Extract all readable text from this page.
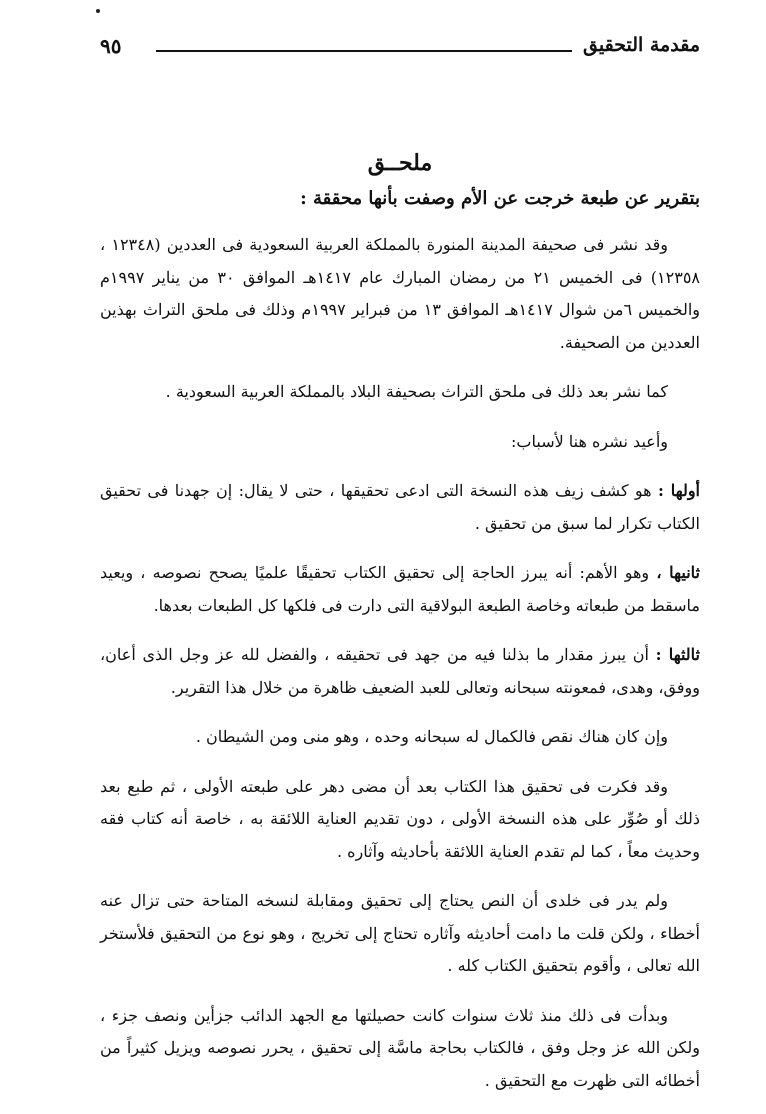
مقدمة التحقيق
٩٥
ملحــق
بتقرير عن طبعة خرجت عن الأم وصفت بأنها محققة :

وقد نشر فى صحيفة المدينة المنورة بالمملكة العربية السعودية فى العددين (١٢٣٤٨ ، ١٢٣٥٨) فى الخميس ٢١ من رمضان المبارك عام ١٤١٧هـ الموافق ٣٠ من يناير ١٩٩٧م والخميس ٦من شوال ١٤١٧هـ الموافق ١٣ من فبراير ١٩٩٧م وذلك فى ملحق التراث بهذين العددين من الصحيفة.

كما نشر بعد ذلك فى ملحق التراث بصحيفة البلاد بالمملكة العربية السعودية .

وأعيد نشره هنا لأسباب:

أولها : هو كشف زيف هذه النسخة التى ادعى تحقيقها ، حتى لا يقال: إن جهدنا فى تحقيق الكتاب تكرار لما سبق من تحقيق .

ثانيها ، وهو الأهم: أنه يبرز الحاجة إلى تحقيق الكتاب تحقيقًا علميًا يصحح نصوصه ، ويعيد ماسقط من طبعاته وخاصة الطبعة البولاقية التى دارت فى فلكها كل الطبعات بعدها.

ثالثها : أن يبرز مقدار ما بذلنا فيه من جهد فى تحقيقه ، والفضل لله عز وجل الذى أعان، ووفق، وهدى، فمعونته سبحانه وتعالى للعبد الضعيف ظاهرة من خلال هذا التقرير.

وإن كان هناك نقص فالكمال له سبحانه وحده ، وهو منى ومن الشيطان .

وقد فكرت فى تحقيق هذا الكتاب بعد أن مضى دهر على طبعته الأولى ، ثم طبع بعد ذلك أو صُوِّر على هذه النسخة الأولى ، دون تقديم العناية اللائقة به ، خاصة أنه كتاب فقه وحديث معاً ، كما لم تقدم العناية اللائقة بأحاديثه وآثاره .

ولم يدر فى خلدى أن النص يحتاج إلى تحقيق ومقابلة لنسخه المتاحة حتى تزال عنه أخطاء ، ولكن قلت ما دامت أحاديثه وآثاره تحتاج إلى تخريج ، وهو نوع من التحقيق فلأستخر الله تعالى ، وأقوم بتحقيق الكتاب كله .

وبدأت فى ذلك منذ ثلاث سنوات كانت حصيلتها مع الجهد الدائب جزأين ونصف جزء ، ولكن الله عز وجل وفق ، فالكتاب بحاجة ماسَّة إلى تحقيق ، يحرر نصوصه ويزيل كثيراً من أخطائه التى ظهرت مع التحقيق .
